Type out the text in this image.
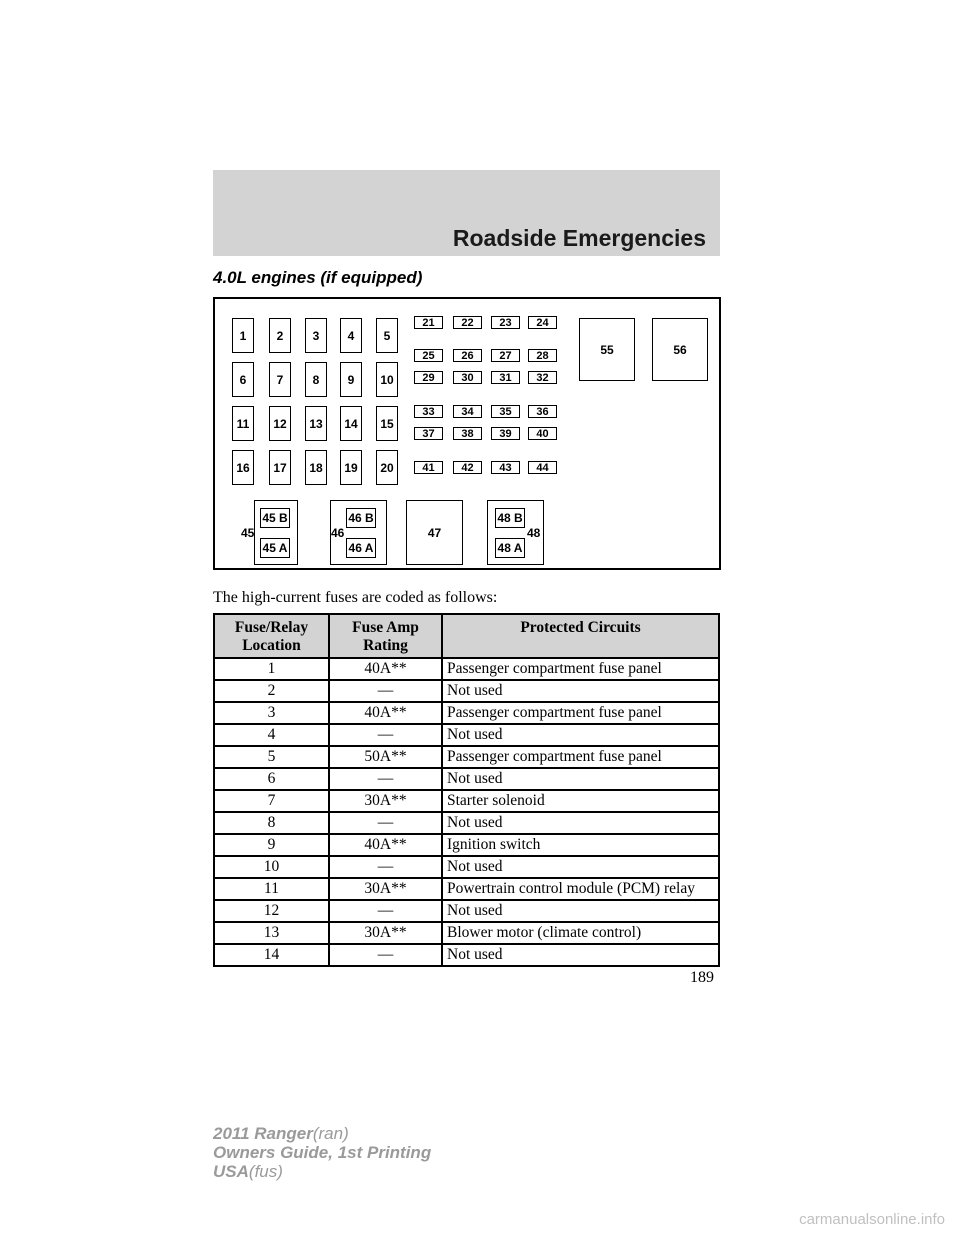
Roadside Emergencies
4.0L engines (if equipped)
1	2	3	4	5
6	7	8	9	10
11	12	13	14	15
16	17	18	19	20
21	22	23	24
25	26	27	28
29	30	31	32
33	34	35	36
37	38	39	40
41	42	43	44
55	56
45 B
45 A
45
46 B
46 A
46	47
48 B
48 A
48
The high-current fuses are coded as follows:
Fuse/Relay Location	Fuse Amp Rating	Protected Circuits
1	40A**	Passenger compartment fuse panel
2	—	Not used
3	40A**	Passenger compartment fuse panel
4	—	Not used
5	50A**	Passenger compartment fuse panel
6	—	Not used
7	30A**	Starter solenoid
8	—	Not used
9	40A**	Ignition switch
10	—	Not used
11	30A**	Powertrain control module (PCM) relay
12	—	Not used
13	30A**	Blower motor (climate control)
14	—	Not used
189
2011 Ranger(ran)
Owners Guide, 1st Printing
USA(fus)
carmanualsonline.info
